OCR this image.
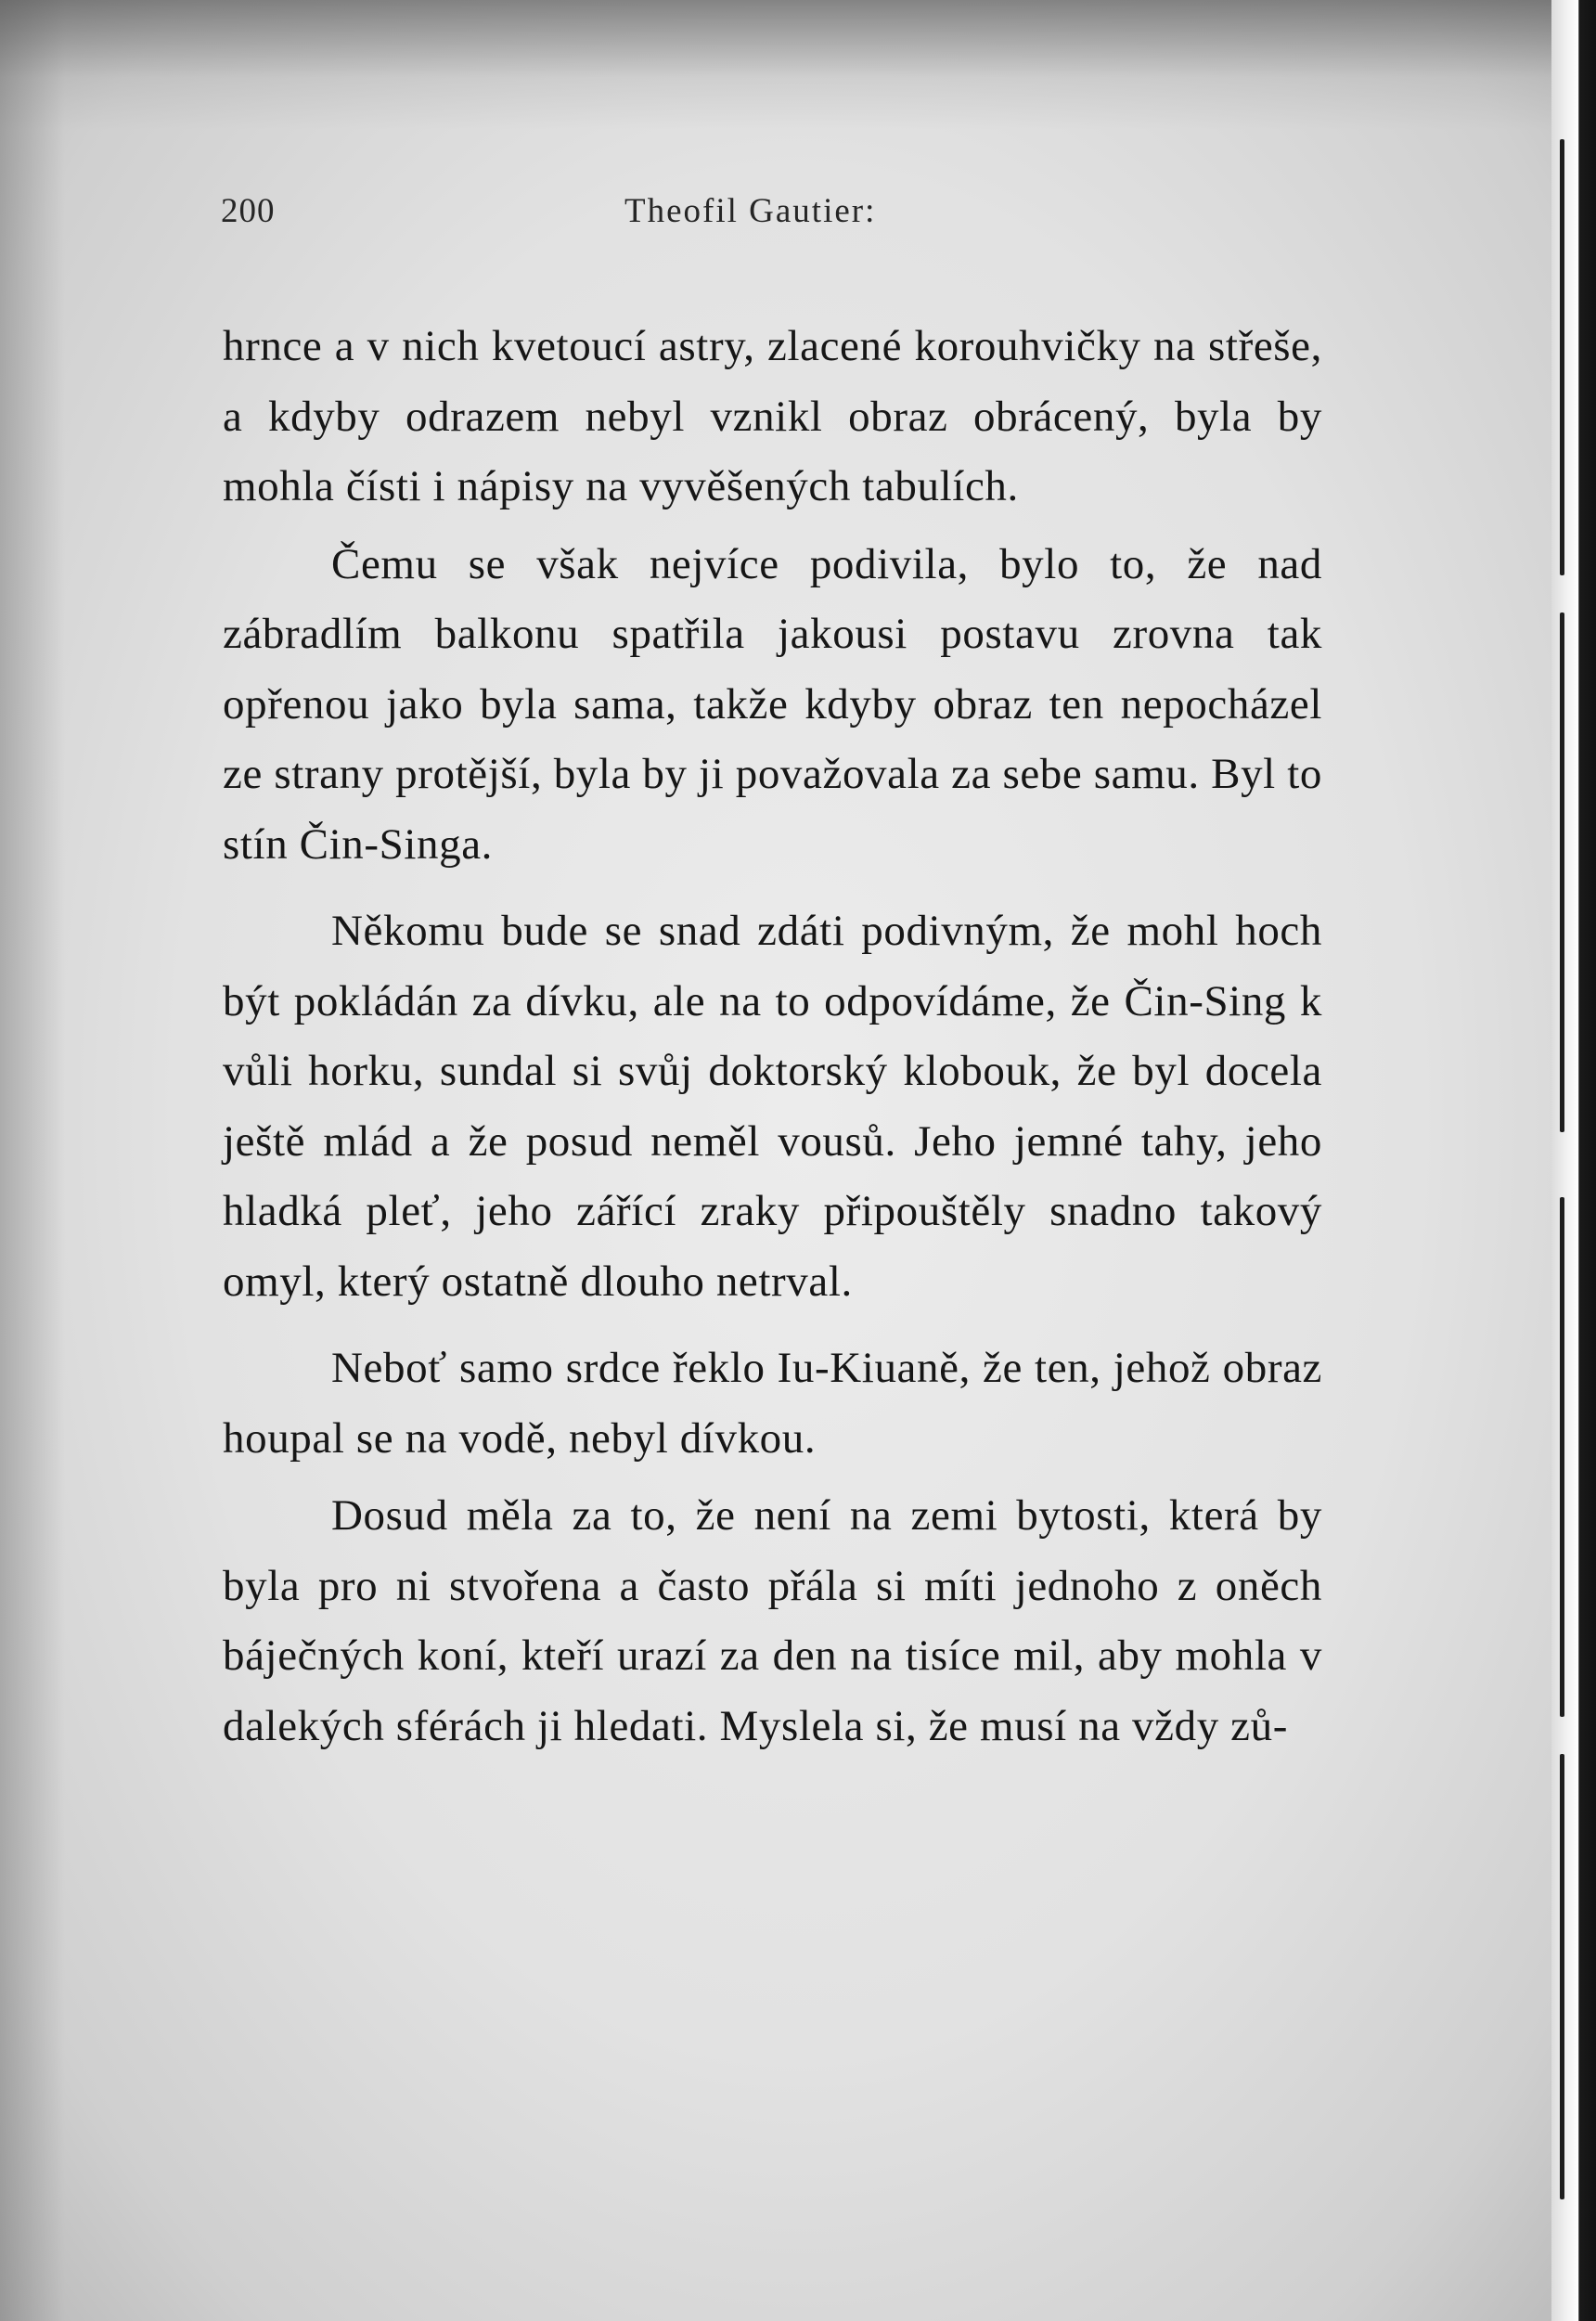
200	Theofil Gautier:

hrnce a v nich kvetoucí astry, zlacené korouhvičky na střeše, a kdyby odrazem nebyl vznikl obraz obrácený, byla by mohla čísti i nápisy na vyvěšených tabulích.

Čemu se však nejvíce podivila, bylo to, že nad zábradlím balkonu spatřila jakousi postavu zrovna tak opřenou jako byla sama, takže kdyby obraz ten nepocházel ze strany protější, byla by ji považovala za sebe samu. Byl to stín Čin-Singa.

Někomu bude se snad zdáti podivným, že mohl hoch být pokládán za dívku, ale na to odpovídáme, že Čin-Sing k vůli horku, sundal si svůj doktorský klobouk, že byl docela ještě mlád a že posud neměl vousů. Jeho jemné tahy, jeho hladká pleť, jeho zářící zraky připouštěly snadno takový omyl, který ostatně dlouho netrval.

Neboť samo srdce řeklo Iu-Kiuaně, že ten, jehož obraz houpal se na vodě, nebyl dívkou.

Dosud měla za to, že není na zemi bytosti, která by byla pro ni stvořena a často přála si míti jednoho z oněch báječných koní, kteří urazí za den na tisíce mil, aby mohla v dalekých sférách ji hledati. Myslela si, že musí na vždy zů-
